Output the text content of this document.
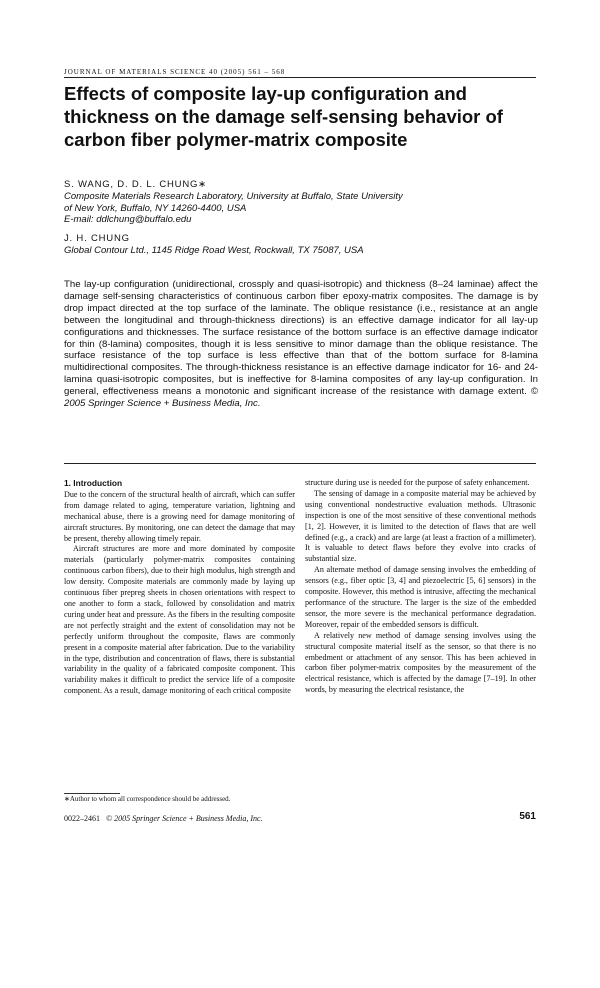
JOURNAL OF MATERIALS SCIENCE 40 (2005) 561 – 568
Effects of composite lay-up configuration and thickness on the damage self-sensing behavior of carbon fiber polymer-matrix composite
S. WANG, D. D. L. CHUNG∗
Composite Materials Research Laboratory, University at Buffalo, State University
of New York, Buffalo, NY 14260-4400, USA
E-mail: ddlchung@buffalo.edu
J. H. CHUNG
Global Contour Ltd., 1145 Ridge Road West, Rockwall, TX 75087, USA
The lay-up configuration (unidirectional, crossply and quasi-isotropic) and thickness (8–24 laminae) affect the damage self-sensing characteristics of continuous carbon fiber epoxy-matrix composites. The damage is by drop impact directed at the top surface of the laminate. The oblique resistance (i.e., resistance at an angle between the longitudinal and through-thickness directions) is an effective damage indicator for all lay-up configurations and thicknesses. The surface resistance of the bottom surface is an effective damage indicator for thin (8-lamina) composites, though it is less sensitive to minor damage than the oblique resistance. The surface resistance of the top surface is less effective than that of the bottom surface for 8-lamina multidirectional composites. The through-thickness resistance is an effective damage indicator for 16- and 24-lamina quasi-isotropic composites, but is ineffective for 8-lamina composites of any lay-up configuration. In general, effectiveness means a monotonic and significant increase of the resistance with damage extent. © 2005 Springer Science + Business Media, Inc.
1. Introduction

Due to the concern of the structural health of aircraft, which can suffer from damage related to aging, temperature variation, lightning and mechanical abuse, there is a growing need for damage monitoring of aircraft structures. By monitoring, one can detect the damage that may be present, thereby allowing timely repair.

Aircraft structures are more and more dominated by composite materials (particularly polymer-matrix composites containing continuous carbon fibers), due to their high modulus, high strength and low density. Composite materials are commonly made by laying up continuous fiber prepreg sheets in chosen orientations with respect to one another to form a stack, followed by consolidation and matrix curing under heat and pressure. As the fibers in the resulting composite are not perfectly straight and the extent of consolidation may not be perfectly uniform throughout the composite, flaws are commonly present in a composite material after fabrication. Due to the variability in the type, distribution and concentration of flaws, there is substantial variability in the quality of a fabricated composite component. This variability makes it difficult to predict the service life of a composite component. As a result, damage monitoring of each critical composite

structure during use is needed for the purpose of safety enhancement.

The sensing of damage in a composite material may be achieved by using conventional nondestructive evaluation methods. Ultrasonic inspection is one of the most sensitive of these conventional methods [1, 2]. However, it is limited to the detection of flaws that are well defined (e.g., a crack) and are large (at least a fraction of a millimeter). It is valuable to detect flaws before they evolve into cracks of substantial size.

An alternate method of damage sensing involves the embedding of sensors (e.g., fiber optic [3, 4] and piezoelectric [5, 6] sensors) in the composite. However, this method is intrusive, affecting the mechanical performance of the structure. The larger is the size of the embedded sensor, the more severe is the mechanical performance degradation. Moreover, repair of the embedded sensors is difficult.

A relatively new method of damage sensing involves using the structural composite material itself as the sensor, so that there is no embedment or attachment of any sensor. This has been achieved in carbon fiber polymer-matrix composites by the measurement of the electrical resistance, which is affected by the damage [7–19]. In other words, by measuring the electrical resistance, the

∗Author to whom all correspondence should be addressed.
0022–2461 © 2005 Springer Science + Business Media, Inc.	561
